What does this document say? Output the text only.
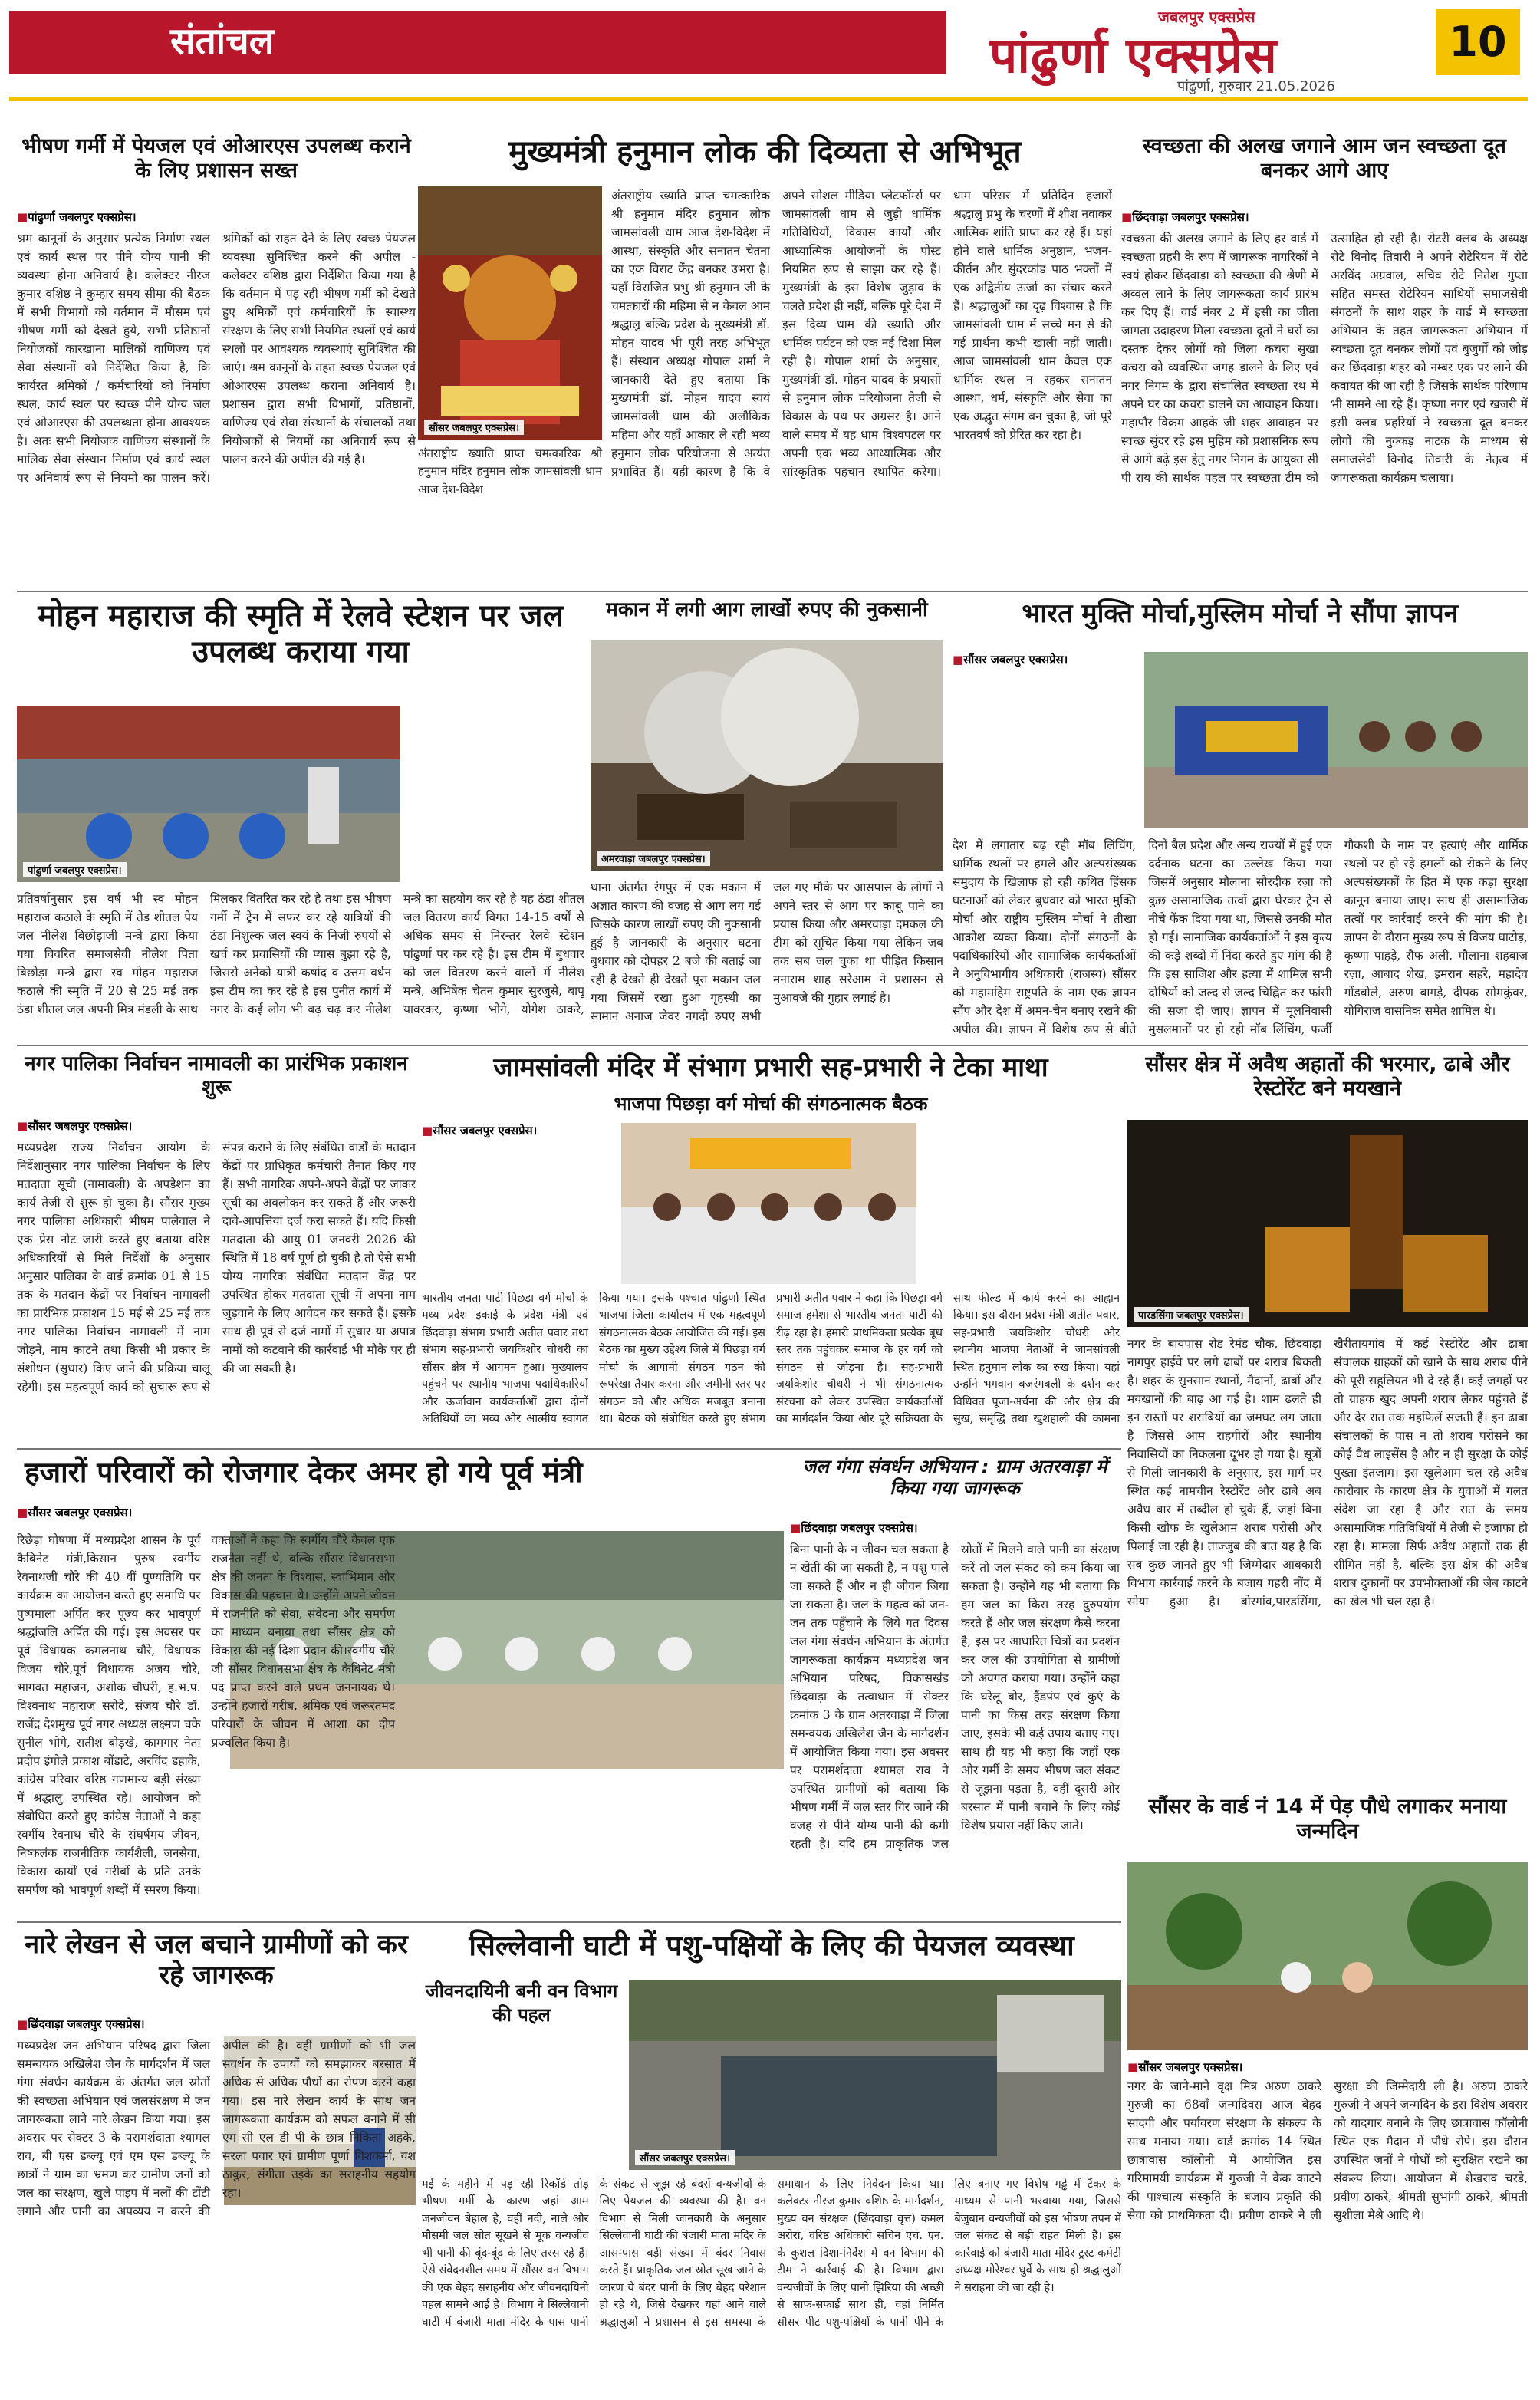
संतांचल
जबलपुर एक्सप्रेस
पांढुर्णा एक्सप्रेस
पांढुर्णा, गुरुवार 21.05.2026
10
भीषण गर्मी में पेयजल एवं ओआरएस उपलब्ध कराने के लिए प्रशासन सख्त
■ पांढुर्णा जबलपुर एक्सप्रेस।
श्रम कानूनों के अनुसार प्रत्येक निर्माण स्थल एवं कार्य स्थल पर पीने योग्य पानी की व्यवस्था होना अनिवार्य है। कलेक्टर नीरज कुमार वशिष्ठ ने कुम्हार समय सीमा की बैठक में सभी विभागों को वर्तमान में मौसम एवं भीषण गर्मी को देखते हुये, सभी प्रतिष्ठानों नियोजकों कारखाना मालिकों वाणिज्य एवं सेवा संस्थानों को निर्देशित किया है, कि कार्यरत श्रमिकों / कर्मचारियों को निर्माण स्थल, कार्य स्थल पर स्वच्छ पीने योग्य जल एवं ओआरएस की उपलब्धता होना आवश्यक है। अतः सभी नियोजक वाणिज्य संस्थानों के मालिक सेवा संस्थान निर्माण एवं कार्य स्थल पर अनिवार्य रूप से नियमों का पालन करें। श्रमिकों को राहत देने के लिए स्वच्छ पेयजल व्यवस्था सुनिश्चित करने की अपील - कलेक्टर वशिष्ठ द्वारा निर्देशित किया गया है कि वर्तमान में पड़ रही भीषण गर्मी को देखते हुए श्रमिकों एवं कर्मचारियों के स्वास्थ्य संरक्षण के लिए सभी नियमित स्थलों एवं कार्य स्थलों पर आवश्यक व्यवस्थाएं सुनिश्चित की जाएं। श्रम कानूनों के तहत स्वच्छ पेयजल एवं ओआरएस उपलब्ध कराना अनिवार्य है। प्रशासन द्वारा सभी विभागों, प्रतिष्ठानों, वाणिज्य एवं सेवा संस्थानों के संचालकों तथा नियोजकों से नियमों का अनिवार्य रूप से पालन करने की अपील की गई है।
मुख्यमंत्री हनुमान लोक की दिव्यता से अभिभूत
सौंसर जबलपुर एक्सप्रेस।
अंतराष्ट्रीय ख्याति प्राप्त चमत्कारिक श्री हनुमान मंदिर हनुमान लोक जामसांवली धाम आज देश-विदेश
अंतराष्ट्रीय ख्याति प्राप्त चमत्कारिक श्री हनुमान मंदिर हनुमान लोक जामसांवली धाम आज देश-विदेश में आस्था, संस्कृति और सनातन चेतना का एक विराट केंद्र बनकर उभरा है। यहाँ विराजित प्रभु श्री हनुमान जी के चमत्कारों की महिमा से न केवल आम श्रद्धालु बल्कि प्रदेश के मुख्यमंत्री डॉ. मोहन यादव भी पूरी तरह अभिभूत हैं। संस्थान अध्यक्ष गोपाल शर्मा ने जानकारी देते हुए बताया कि मुख्यमंत्री डॉ. मोहन यादव स्वयं जामसांवली धाम की अलौकिक महिमा और यहाँ आकार ले रही भव्य हनुमान लोक परियोजना से अत्यंत प्रभावित हैं। यही कारण है कि वे अपने सोशल मीडिया प्लेटफॉर्म्स पर जामसांवली धाम से जुड़ी धार्मिक गतिविधियों, विकास कार्यों और आध्यात्मिक आयोजनों के पोस्ट नियमित रूप से साझा कर रहे हैं। मुख्यमंत्री के इस विशेष जुड़ाव के चलते प्रदेश ही नहीं, बल्कि पूरे देश में इस दिव्य धाम की ख्याति और धार्मिक पर्यटन को एक नई दिशा मिल रही है। गोपाल शर्मा के अनुसार, मुख्यमंत्री डॉ. मोहन यादव के प्रयासों से हनुमान लोक परियोजना तेजी से विकास के पथ पर अग्रसर है। आने वाले समय में यह धाम विश्वपटल पर अपनी एक भव्य आध्यात्मिक और सांस्कृतिक पहचान स्थापित करेगा। धाम परिसर में प्रतिदिन हजारों श्रद्धालु प्रभु के चरणों में शीश नवाकर आत्मिक शांति प्राप्त कर रहे हैं। यहां होने वाले धार्मिक अनुष्ठान, भजन-कीर्तन और सुंदरकांड पाठ भक्तों में एक अद्वितीय ऊर्जा का संचार करते हैं। श्रद्धालुओं का दृढ़ विश्वास है कि जामसांवली धाम में सच्चे मन से की गई प्रार्थना कभी खाली नहीं जाती। आज जामसांवली धाम केवल एक धार्मिक स्थल न रहकर सनातन आस्था, धर्म, संस्कृति और सेवा का एक अद्भुत संगम बन चुका है, जो पूरे भारतवर्ष को प्रेरित कर रहा है।
स्वच्छता की अलख जगाने आम जन स्वच्छता दूत बनकर आगे आए
■ छिंदवाड़ा जबलपुर एक्सप्रेस।
स्वच्छता की अलख जगाने के लिए हर वार्ड में स्वच्छता प्रहरी के रूप में जागरूक नागरिकों ने स्वयं होकर छिंदवाड़ा को स्वच्छता की श्रेणी में अव्वल लाने के लिए जागरूकता कार्य प्रारंभ कर दिए हैं। वार्ड नंबर 2 में इसी का जीता जागता उदाहरण मिला स्वच्छता दूतों ने घरों का दस्तक देकर लोगों को जिला कचरा सुखा कचरा को व्यवस्थित जगह डालने के लिए एवं नगर निगम के द्वारा संचालित स्वच्छता रथ में अपने घर का कचरा डालने का आवाहन किया। महापौर विक्रम आहके जी शहर आवाहन पर स्वच्छ सुंदर रहे इस मुहिम को प्रशासनिक रूप से आगे बढ़े इस हेतु नगर निगम के आयुक्त सी पी राय की सार्थक पहल पर स्वच्छता टीम को उत्साहित हो रही है। रोटरी क्लब के अध्यक्ष रोटे विनोद तिवारी ने अपने रोटेरियन में रोटे अरविंद अग्रवाल, सचिव रोटे नितेश गुप्ता सहित समस्त रोटेरियन साथियों समाजसेवी संगठनों के साथ शहर के वार्ड में स्वच्छता अभियान के तहत जागरूकता अभियान में स्वच्छता दूत बनकर लोगों एवं बुजुर्गों को जोड़ कर छिंदवाड़ा शहर को नम्बर एक पर लाने की कवायत की जा रही है जिसके सार्थक परिणाम भी सामने आ रहे हैं। कृष्णा नगर एवं खजरी में इसी क्लब प्रहरियों ने स्वच्छता दूत बनकर लोगों की नुक्कड़ नाटक के माध्यम से समाजसेवी विनोद तिवारी के नेतृत्व में जागरूकता कार्यक्रम चलाया।
मोहन महाराज की स्मृति में रेलवे स्टेशन पर जल उपलब्ध कराया गया
पांढुर्णा जबलपुर एक्सप्रेस।
प्रतिवर्षानुसार इस वर्ष भी स्व मोहन महाराज कठाले के स्मृति में तेड शीतल पेय जल नीलेश बिछोड़ाजी मन्त्रे द्वारा किया गया विवरित समाजसेवी नीलेश पिता बिछोड़ा मन्त्रे द्वारा स्व मोहन महाराज कठाले की स्मृति में 20 से 25 मई तक ठंडा शीतल जल अपनी मित्र मंडली के साथ मिलकर वितरित कर रहे है तथा इस भीषण गर्मी में ट्रेन में सफर कर रहे यात्रियों की ठंडा निशुल्क जल स्वयं के निजी रुपयों से खर्च कर प्रवासियों की प्यास बुझा रहे है, जिससे अनेको यात्री कर्षाद व उत्तम वर्धन इस टीम का कर रहे है इस पुनीत कार्य में नगर के कई लोग भी बढ़ चढ़ कर नीलेश मन्त्रे का सहयोग कर रहे है यह ठंडा शीतल जल वितरण कार्य विगत 14-15 वर्षों से अधिक समय से निरन्तर रेलवे स्टेशन पांढुर्णा पर कर रहे है। इस टीम में बुधवार को जल वितरण करने वालों में नीलेश मन्त्रे, अभिषेक चेतन कुमार सुरजुसे, बापू यावरकर, कृष्णा भोगे, योगेश ठाकरे,
मकान में लगी आग लाखों रुपए की नुकसानी
अमरवाड़ा जबलपुर एक्सप्रेस।
थाना अंतर्गत रंगपुर में एक मकान में अज्ञात कारण की वजह से आग लग गई जिसके कारण लाखों रुपए की नुकसानी हुई है जानकारी के अनुसार घटना बुधवार को दोपहर 2 बजे की बताई जा रही है देखते ही देखते पूरा मकान जल गया जिसमें रखा हुआ गृहस्थी का सामान अनाज जेवर नगदी रुपए सभी जल गए मौके पर आसपास के लोगों ने अपने स्तर से आग पर काबू पाने का प्रयास किया और अमरवाड़ा दमकल की टीम को सूचित किया गया लेकिन जब तक सब जल चुका था पीड़ित किसान मनाराम शाह सरेआम ने प्रशासन से मुआवजे की गुहार लगाई है।
भारत मुक्ति मोर्चा,मुस्लिम मोर्चा ने सौंपा ज्ञापन
■ सौंसर जबलपुर एक्सप्रेस।
देश में लगातार बढ़ रही मॉब लिंचिंग, धार्मिक स्थलों पर हमले और अल्पसंख्यक समुदाय के खिलाफ हो रही कथित हिंसक घटनाओं को लेकर बुधवार को भारत मुक्ति मोर्चा और राष्ट्रीय मुस्लिम मोर्चा ने तीखा आक्रोश व्यक्त किया। दोनों संगठनों के पदाधिकारियों और सामाजिक कार्यकर्ताओं ने अनुविभागीय अधिकारी (राजस्व) सौंसर को महामहिम राष्ट्रपति के नाम एक ज्ञापन सौंप और देश में अमन-चैन बनाए रखने की अपील की। ज्ञापन में विशेष रूप से बीते दिनों बैल प्रदेश और अन्य राज्यों में हुई एक दर्दनाक घटना का उल्लेख किया गया जिसमें अनुसार मौलाना सौरदीक रज़ा को कुछ असामाजिक तत्वों द्वारा घेरकर ट्रेन से नीचे फेंक दिया गया था, जिससे उनकी मौत हो गई। सामाजिक कार्यकर्ताओं ने इस कृत्य की कड़े शब्दों में निंदा करते हुए मांग की है कि इस साजिश और हत्या में शामिल सभी दोषियों को जल्द से जल्द चिह्नित कर फांसी की सजा दी जाए। ज्ञापन में मूलनिवासी मुसलमानों पर हो रही मॉब लिंचिंग, फर्जी गौकशी के नाम पर हत्याएं और धार्मिक स्थलों पर हो रहे हमलों को रोकने के लिए अल्पसंख्यकों के हित में एक कड़ा सुरक्षा कानून बनाया जाए। साथ ही असामाजिक तत्वों पर कार्रवाई करने की मांग की है। ज्ञापन के दौरान मुख्य रूप से विजय घाटोड़, कृष्णा पाहड़े, सैफ अली, मौलाना शहबाज़ रज़ा, आबाद शेख, इमरान सहरे, महादेव गोंडबोले, अरुण बागड़े, दीपक सोमकुंवर, योगिराज वासनिक समेत शामिल थे।
नगर पालिका निर्वाचन नामावली का प्रारंभिक प्रकाशन शुरू
■ सौंसर जबलपुर एक्सप्रेस।
मध्यप्रदेश राज्य निर्वाचन आयोग के निर्देशानुसार नगर पालिका निर्वाचन के लिए मतदाता सूची (नामावली) के अपडेशन का कार्य तेजी से शुरू हो चुका है। सौंसर मुख्य नगर पालिका अधिकारी भीषम पालेवाल ने एक प्रेस नोट जारी करते हुए बताया वरिष्ठ अधिकारियों से मिले निर्देशों के अनुसार अनुसार पालिका के वार्ड क्रमांक 01 से 15 तक के मतदान केंद्रों पर निर्वाचन नामावली का प्रारंभिक प्रकाशन 15 मई से 25 मई तक नगर पालिका निर्वाचन नामावली में नाम जोड़ने, नाम काटने तथा किसी भी प्रकार के संशोधन (सुधार) किए जाने की प्रक्रिया चालू रहेगी। इस महत्वपूर्ण कार्य को सुचारू रूप से संपन्न कराने के लिए संबंधित वार्डों के मतदान केंद्रों पर प्राधिकृत कर्मचारी तैनात किए गए हैं। सभी नागरिक अपने-अपने केंद्रों पर जाकर सूची का अवलोकन कर सकते हैं और जरूरी दावे-आपत्तियां दर्ज करा सकते हैं। यदि किसी मतदाता की आयु 01 जनवरी 2026 की स्थिति में 18 वर्ष पूर्ण हो चुकी है तो ऐसे सभी योग्य नागरिक संबंधित मतदान केंद्र पर उपस्थित होकर मतदाता सूची में अपना नाम जुड़वाने के लिए आवेदन कर सकते हैं। इसके साथ ही पूर्व से दर्ज नामों में सुधार या अपात्र नामों को कटवाने की कार्रवाई भी मौके पर ही की जा सकती है।
जामसांवली मंदिर में संभाग प्रभारी सह-प्रभारी ने टेका माथा
भाजपा पिछड़ा वर्ग मोर्चा की संगठनात्मक बैठक
■ सौंसर जबलपुर एक्सप्रेस।
भारतीय जनता पार्टी पिछड़ा वर्ग मोर्चा के मध्य प्रदेश इकाई के प्रदेश मंत्री एवं छिंदवाड़ा संभाग प्रभारी अतीत पवार तथा संभाग सह-प्रभारी जयकिशोर चौधरी का सौंसर क्षेत्र में आगमन हुआ। मुख्यालय पहुंचने पर स्थानीय भाजपा पदाधिकारियों और ऊर्जावान कार्यकर्ताओं द्वारा दोनों अतिथियों का भव्य और आत्मीय स्वागत किया गया। इसके पश्चात पांढुर्णा स्थित भाजपा जिला कार्यालय में एक महत्वपूर्ण संगठनात्मक बैठक आयोजित की गई। इस बैठक का मुख्य उद्देश्य जिले में पिछड़ा वर्ग मोर्चा के आगामी संगठन गठन की रूपरेखा तैयार करना और जमीनी स्तर पर संगठन को और अधिक मजबूत बनाना था। बैठक को संबोधित करते हुए संभाग प्रभारी अतीत पवार ने कहा कि पिछड़ा वर्ग समाज हमेशा से भारतीय जनता पार्टी की रीढ़ रहा है। हमारी प्राथमिकता प्रत्येक बूथ स्तर तक पहुंचकर समाज के हर वर्ग को संगठन से जोड़ना है। सह-प्रभारी जयकिशोर चौधरी ने भी संगठनात्मक संरचना को लेकर उपस्थित कार्यकर्ताओं का मार्गदर्शन किया और पूरे सक्रियता के साथ फील्ड में कार्य करने का आह्वान किया। इस दौरान प्रदेश मंत्री अतीत पवार, सह-प्रभारी जयकिशोर चौधरी और स्थानीय भाजपा नेताओं ने जामसांवली स्थित हनुमान लोक का रुख किया। यहां उन्होंने भगवान बजरंगबली के दर्शन कर विधिवत पूजा-अर्चना की और क्षेत्र की सुख, समृद्धि तथा खुशहाली की कामना
सौंसर क्षेत्र में अवैध अहातों की भरमार, ढाबे और रेस्टोरेंट बने मयखाने
पारडसिंगा जबलपुर एक्सप्रेस।
नगर के बायपास रोड रेमंड चौक, छिंदवाड़ा नागपुर हाईवे पर लगे ढाबों पर शराब बिकती है। शहर के सुनसान स्थानों, मैदानों, ढाबों और मयखानों की बाढ़ आ गई है। शाम ढलते ही इन रास्तों पर शराबियों का जमघट लग जाता है जिससे आम राहगीरों और स्थानीय निवासियों का निकलना दूभर हो गया है। सूत्रों से मिली जानकारी के अनुसार, इस मार्ग पर स्थित कई नामचीन रेस्टोरेंट और ढाबे अब अवैध बार में तब्दील हो चुके हैं, जहां बिना किसी खौफ के खुलेआम शराब परोसी और पिलाई जा रही है। ताज्जुब की बात यह है कि सब कुछ जानते हुए भी जिम्मेदार आबकारी विभाग कार्रवाई करने के बजाय गहरी नींद में सोया हुआ है। बोरगांव,पारडसिंगा, खैरीतायगांव में कई रेस्टोरेंट और ढाबा संचालक ग्राहकों को खाने के साथ शराब पीने की पूरी सहूलियत भी दे रहे हैं। कई जगहों पर तो ग्राहक खुद अपनी शराब लेकर पहुंचते हैं और देर रात तक महफिलें सजती हैं। इन ढाबा संचालकों के पास न तो शराब परोसने का कोई वैध लाइसेंस है और न ही सुरक्षा के कोई पुख्ता इंतजाम। इस खुलेआम चल रहे अवैध कारोबार के कारण क्षेत्र के युवाओं में गलत संदेश जा रहा है और रात के समय असामाजिक गतिविधियों में तेजी से इजाफा हो रहा है। मामला सिर्फ अवैध अहातों तक ही सीमित नहीं है, बल्कि इस क्षेत्र की अवैध शराब दुकानों पर उपभोक्ताओं की जेब काटने का खेल भी चल रहा है।
हजारों परिवारों को रोजगार देकर अमर हो गये पूर्व मंत्री
■ सौंसर जबलपुर एक्सप्रेस।
रिछेड़ा घोषणा में मध्यप्रदेश शासन के पूर्व कैबिनेट मंत्री,किसान पुरुष स्वर्गीय रेवनाथजी चौरे की 40 वीं पुण्यतिथि पर कार्यक्रम का आयोजन करते हुए समाधि पर पुष्पमाला अर्पित कर पूज्य कर भावपूर्ण श्रद्धांजलि अर्पित की गई। इस अवसर पर पूर्व विधायक कमलनाथ चौरे, विधायक विजय चौरे,पूर्व विधायक अजय चौरे, भागवत महाजन, अशोक चौधरी, ह.भ.प. विश्वनाथ महाराज सरोदे, संजय चौरे डॉ. राजेंद्र देशमुख पूर्व नगर अध्यक्ष लक्ष्मण चके सुनील भोगे, सतीश बोड़खे, कामगार नेता प्रदीप इंगोले प्रकाश बोंडाटे, अरविंद डहाके, कांग्रेस परिवार वरिष्ठ गणमान्य बड़ी संख्या में श्रद्धालु उपस्थित रहे। आयोजन को संबोधित करते हुए कांग्रेस नेताओं ने कहा स्वर्गीय रेवनाथ चौरे के संघर्षमय जीवन, निष्कलंक राजनीतिक कार्यशैली, जनसेवा, विकास कार्यों एवं गरीबों के प्रति उनके समर्पण को भावपूर्ण शब्दों में स्मरण किया। वक्ताओं ने कहा कि स्वर्गीय चौरे केवल एक राजनेता नहीं थे, बल्कि सौंसर विधानसभा क्षेत्र की जनता के विश्वास, स्वाभिमान और विकास की पहचान थे। उन्होंने अपने जीवन में राजनीति को सेवा, संवेदना और समर्पण का माध्यम बनाया तथा सौंसर क्षेत्र को विकास की नई दिशा प्रदान की।स्वर्गीय चौरे जी सौंसर विधानसभा क्षेत्र के कैबिनेट मंत्री पद प्राप्त करने वाले प्रथम जननायक थे। उन्होंने हजारों गरीब, श्रमिक एवं जरूरतमंद परिवारों के जीवन में आशा का दीप प्रज्वलित किया है।
जल गंगा संवर्धन अभियान : ग्राम अतरवाड़ा में किया गया जागरूक
■ छिंदवाड़ा जबलपुर एक्सप्रेस।
बिना पानी के न जीवन चल सकता है न खेती की जा सकती है, न पशु पाले जा सकते हैं और न ही जीवन जिया जा सकता है। जल के महत्व को जन-जन तक पहुँचाने के लिये गत दिवस जल गंगा संवर्धन अभियान के अंतर्गत जागरूकता कार्यक्रम मध्यप्रदेश जन अभियान परिषद, विकासखंड छिंदवाड़ा के तत्वाधान में सेक्टर क्रमांक 3 के ग्राम अतरवाड़ा में जिला समन्वयक अखिलेश जैन के मार्गदर्शन में आयोजित किया गया। इस अवसर पर परामर्शदाता श्यामल राव ने उपस्थित ग्रामीणों को बताया कि भीषण गर्मी में जल स्तर गिर जाने की वजह से पीने योग्य पानी की कमी रहती है। यदि हम प्राकृतिक जल स्रोतों में मिलने वाले पानी का संरक्षण करें तो जल संकट को कम किया जा सकता है। उन्होंने यह भी बताया कि हम जल का किस तरह दुरुपयोग करते हैं और जल संरक्षण कैसे करना है, इस पर आधारित चित्रों का प्रदर्शन कर जल की उपयोगिता से ग्रामीणों को अवगत कराया गया। उन्होंने कहा कि घरेलू बोर, हैंडपंप एवं कुएं के पानी का किस तरह संरक्षण किया जाए, इसके भी कई उपाय बताए गए। साथ ही यह भी कहा कि जहाँ एक ओर गर्मी के समय भीषण जल संकट से जूझना पड़ता है, वहीं दूसरी ओर बरसात में पानी बचाने के लिए कोई विशेष प्रयास नहीं किए जाते।
सौंसर के वार्ड नं 14 में पेड़ पौधे लगाकर मनाया जन्मदिन
■ सौंसर जबलपुर एक्सप्रेस।
नगर के जाने-माने वृक्ष मित्र अरुण ठाकरे गुरुजी का 68वाँ जन्मदिवस आज बेहद सादगी और पर्यावरण संरक्षण के संकल्प के साथ मनाया गया। वार्ड क्रमांक 14 स्थित छात्रावास कॉलोनी में आयोजित इस गरिमामयी कार्यक्रम में गुरुजी ने केक काटने की पाश्चात्य संस्कृति के बजाय प्रकृति की सेवा को प्राथमिकता दी। प्रवीण ठाकरे ने ली सुरक्षा की जिम्मेदारी ली है। अरुण ठाकरे गुरुजी ने अपने जन्मदिन के इस विशेष अवसर को यादगार बनाने के लिए छात्रावास कॉलोनी स्थित एक मैदान में पौधे रोपे। इस दौरान उपस्थित जनों ने पौधों को सुरक्षित रखने का संकल्प लिया। आयोजन में शेखराव चरडे, प्रवीण ठाकरे, श्रीमती सुभांगी ठाकरे, श्रीमती सुशीला मेश्रे आदि थे।
नारे लेखन से जल बचाने ग्रामीणों को कर रहे जागरूक
■ छिंदवाड़ा जबलपुर एक्सप्रेस।
मध्यप्रदेश जन अभियान परिषद द्वारा जिला समन्वयक अखिलेश जैन के मार्गदर्शन में जल गंगा संवर्धन कार्यक्रम के अंतर्गत जल स्रोतों की स्वच्छता अभियान एवं जलसंरक्षण में जन जागरूकता लाने नारे लेखन किया गया। इस अवसर पर सेक्टर 3 के परामर्शदाता श्यामल राव, बी एस डब्ल्यू एवं एम एस डब्ल्यू के छात्रों ने ग्राम का भ्रमण कर ग्रामीण जनों को जल का संरक्षण, खुले पाइप में नलों की टोंटी लगाने और पानी का अपव्यय न करने की अपील की है। वहीं ग्रामीणों को भी जल संवर्धन के उपायों को समझाकर बरसात में अधिक से अधिक पौधों का रोपण करने कहा गया। इस नारे लेखन कार्य के साथ जन जागरूकता कार्यक्रम को सफल बनाने में सी एम सी एल डी पी के छात्र निकिता अहके, सरला पवार एवं ग्रामीण पूर्णा विशकर्मा, यश ठाकुर, संगीता उइके का सराहनीय सहयोग रहा।
सिल्लेवानी घाटी में पशु-पक्षियों के लिए की पेयजल व्यवस्था
जीवनदायिनी बनी वन विभाग की पहल
सौंसर जबलपुर एक्सप्रेस।
मई के महीने में पड़ रही रिकॉर्ड तोड़ भीषण गर्मी के कारण जहां आम जनजीवन बेहाल है, वहीं नदी, नाले और मौसमी जल स्रोत सूखने से मूक वन्यजीव भी पानी की बूंद-बूंद के लिए तरस रहे हैं। ऐसे संवेदनशील समय में सौंसर वन विभाग की एक बेहद सराहनीय और जीवनदायिनी पहल सामने आई है। विभाग ने सिल्लेवानी घाटी में बंजारी माता मंदिर के पास पानी के संकट से जूझ रहे बंदरों वन्यजीवों के लिए पेयजल की व्यवस्था की है। वन विभाग से मिली जानकारी के अनुसार सिल्लेवानी घाटी की बंजारी माता मंदिर के आस-पास बड़ी संख्या में बंदर निवास करते हैं। प्राकृतिक जल स्रोत सूख जाने के कारण ये बंदर पानी के लिए बेहद परेशान हो रहे थे, जिसे देखकर यहां आने वाले श्रद्धालुओं ने प्रशासन से इस समस्या के समाधान के लिए निवेदन किया था। कलेक्टर नीरज कुमार वशिष्ठ के मार्गदर्शन, मुख्य वन संरक्षक (छिंदवाड़ा वृत्त) कमल अरोरा, वरिष्ठ अधिकारी सचिन एच. एन. के कुशल दिशा-निर्देश में वन विभाग की टीम ने कार्रवाई की है। विभाग द्वारा वन्यजीवों के लिए पानी झिरिया की अच्छी से साफ-सफाई साथ ही, वहां निर्मित सौसर पीट पशु-पक्षियों के पानी पीने के लिए बनाए गए विशेष गड्ढे में टैंकर के माध्यम से पानी भरवाया गया, जिससे बेजुबान वन्यजीवों को इस भीषण तपन में जल संकट से बड़ी राहत मिली है। इस कार्रवाई को बंजारी माता मंदिर ट्रस्ट कमेटी अध्यक्ष मोरेश्वर धुर्वे के साथ ही श्रद्धालुओं ने सराहना की जा रही है।
